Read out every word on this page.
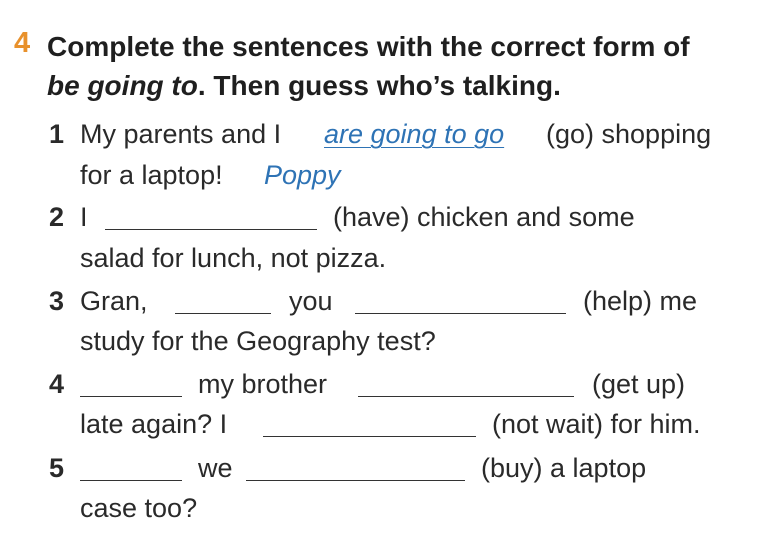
4 Complete the sentences with the correct form of
be going to. Then guess who’s talking.
1 My parents and I are going to go (go) shopping
for a laptop! Poppy
2 I	(have) chicken and some
salad for lunch, not pizza.
3 Gran,	you	(help) me
study for the Geography test?
4	my brother	(get up)
late again? I	(not wait) for him.
5	we	(buy) a laptop
case too?
